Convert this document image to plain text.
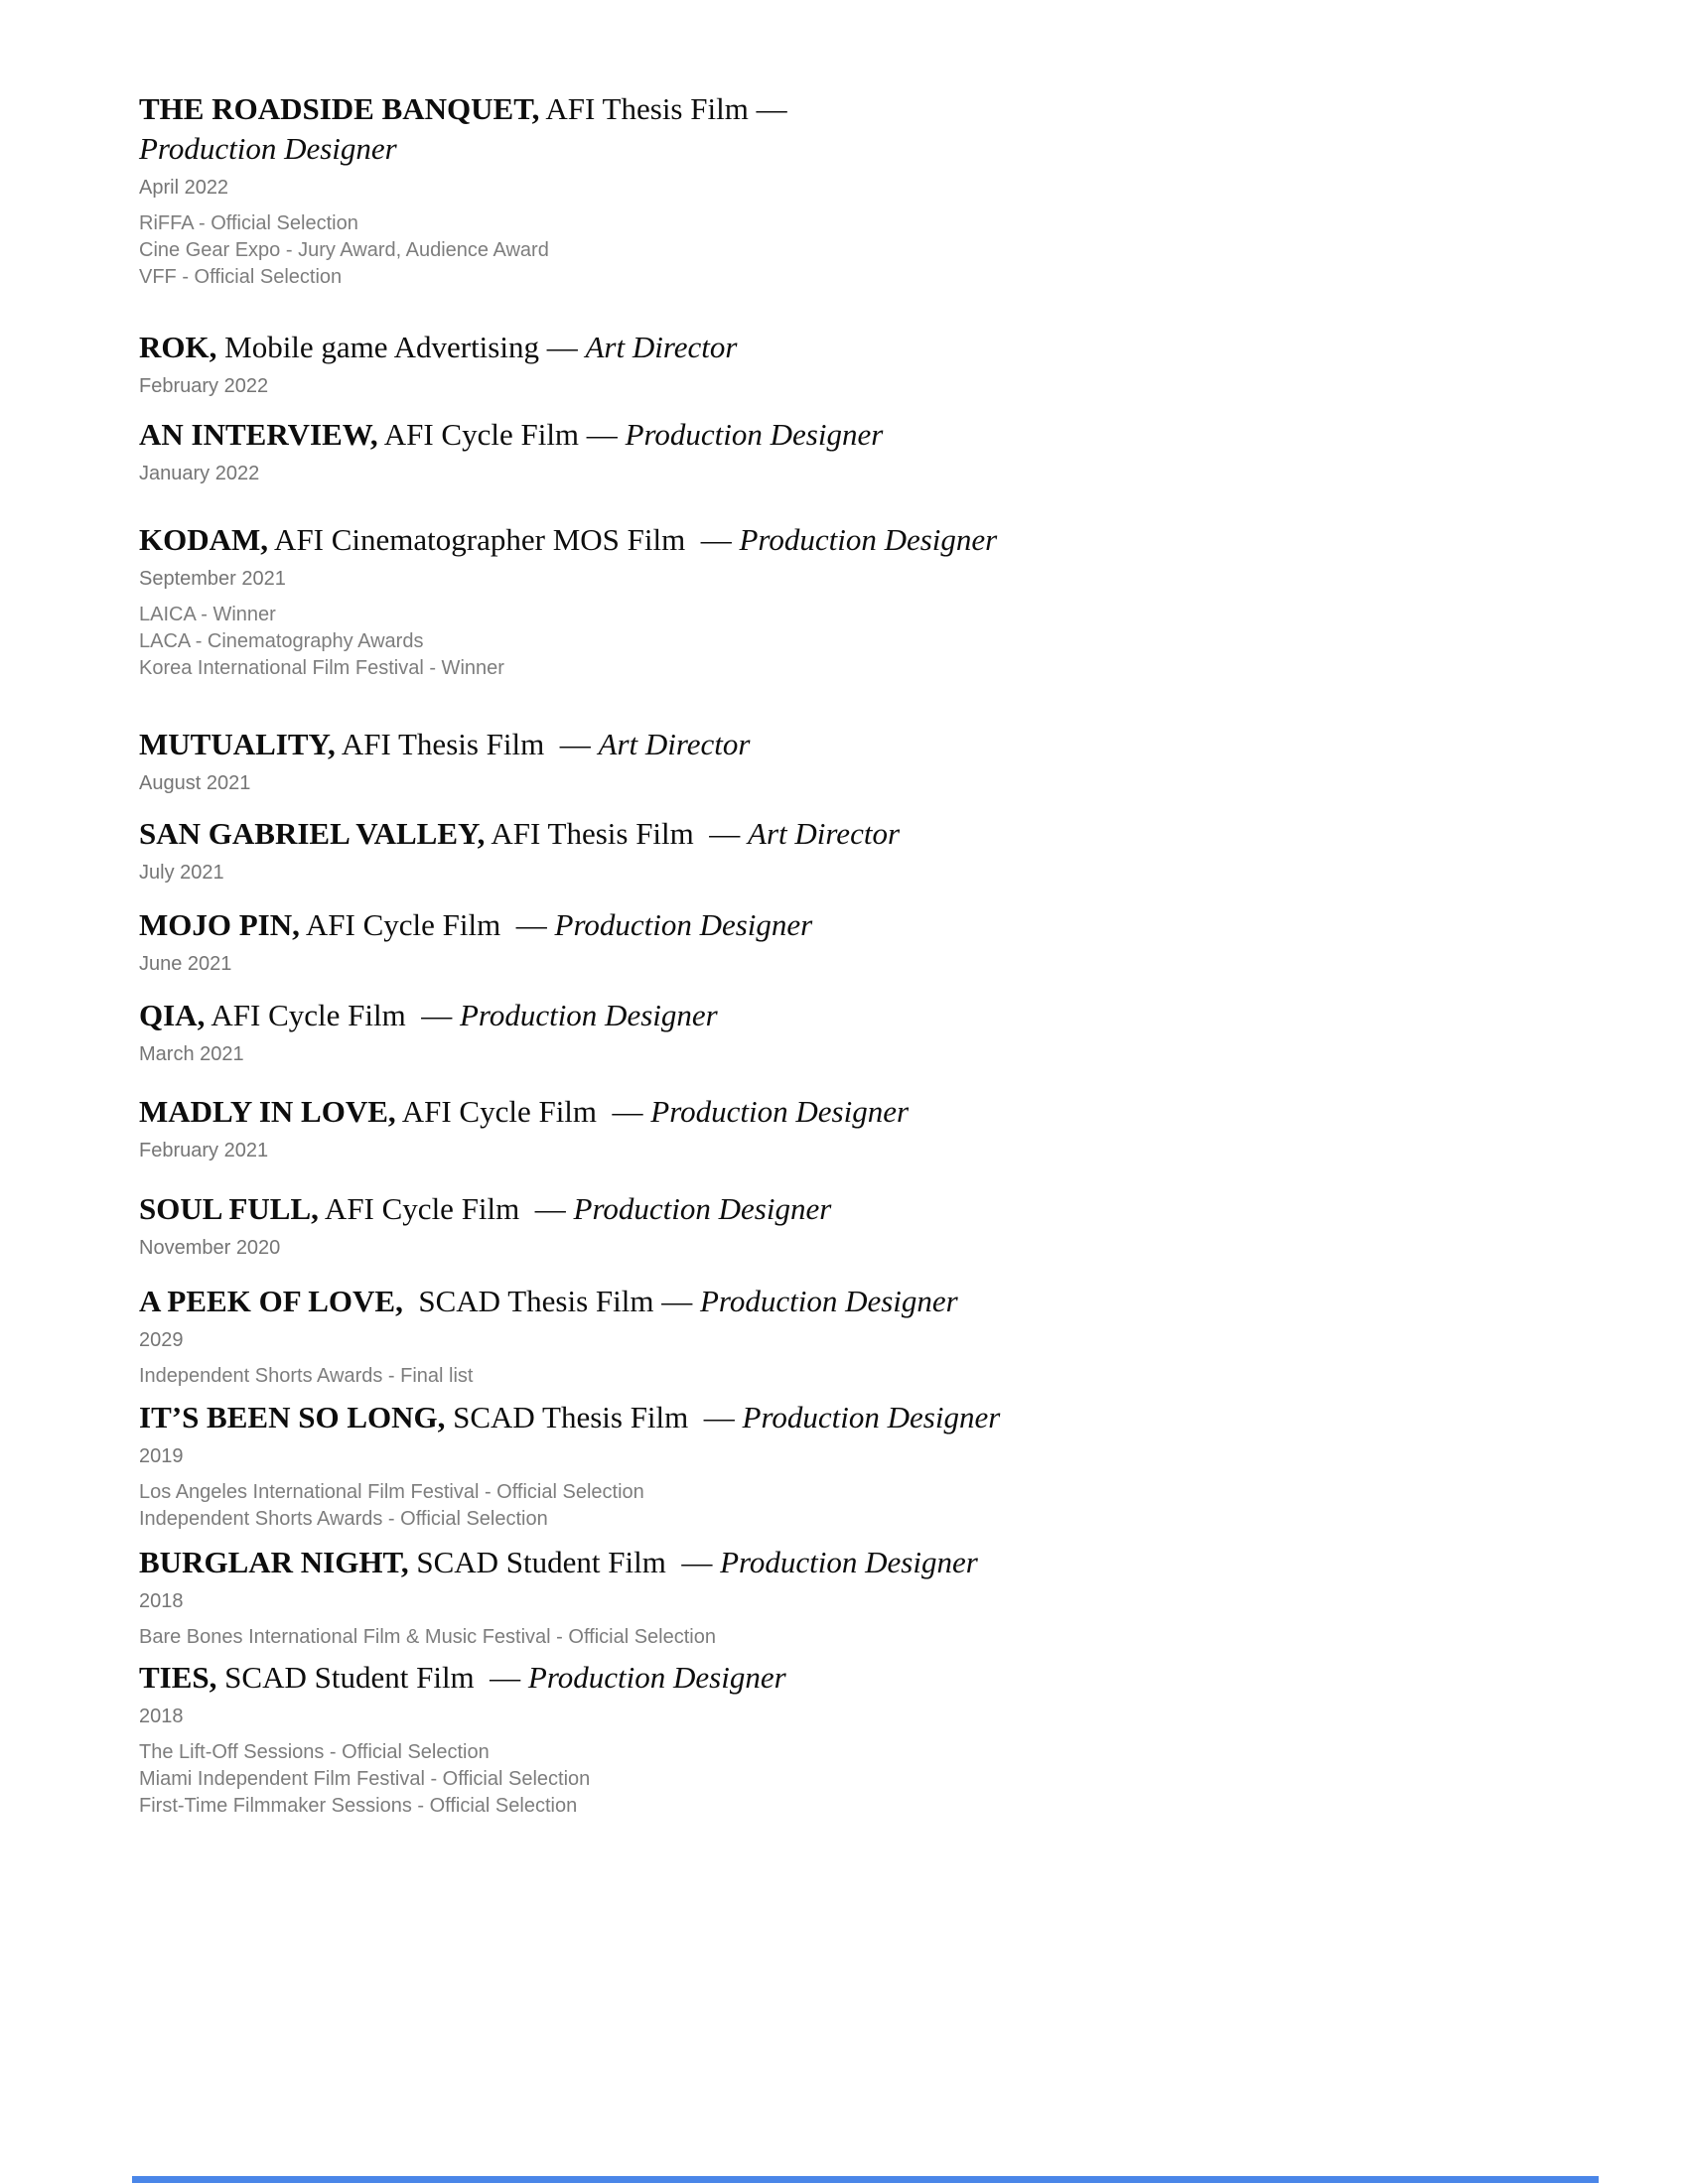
THE ROADSIDE BANQUET, AFI Thesis Film —
Production Designer
April 2022
RiFFA - Official Selection
Cine Gear Expo - Jury Award, Audience Award
VFF - Official Selection
ROK, Mobile game Advertising — Art Director
February 2022
AN INTERVIEW, AFI Cycle Film — Production Designer
January 2022
KODAM, AFI Cinematographer MOS Film  — Production Designer
September 2021
LAICA - Winner
LACA - Cinematography Awards
Korea International Film Festival - Winner
MUTUALITY, AFI Thesis Film  — Art Director
August 2021
SAN GABRIEL VALLEY, AFI Thesis Film  — Art Director
July 2021
MOJO PIN, AFI Cycle Film  — Production Designer
June 2021
QIA, AFI Cycle Film  — Production Designer
March 2021
MADLY IN LOVE, AFI Cycle Film  — Production Designer
February 2021
SOUL FULL, AFI Cycle Film  — Production Designer
November 2020
A PEEK OF LOVE,  SCAD Thesis Film — Production Designer
2029
Independent Shorts Awards - Final list
IT’S BEEN SO LONG, SCAD Thesis Film  — Production Designer
2019
Los Angeles International Film Festival - Official Selection
Independent Shorts Awards - Official Selection
BURGLAR NIGHT, SCAD Student Film  — Production Designer
2018
Bare Bones International Film & Music Festival - Official Selection
TIES, SCAD Student Film  — Production Designer
2018
The Lift-Off Sessions - Official Selection
Miami Independent Film Festival - Official Selection
First-Time Filmmaker Sessions - Official Selection
